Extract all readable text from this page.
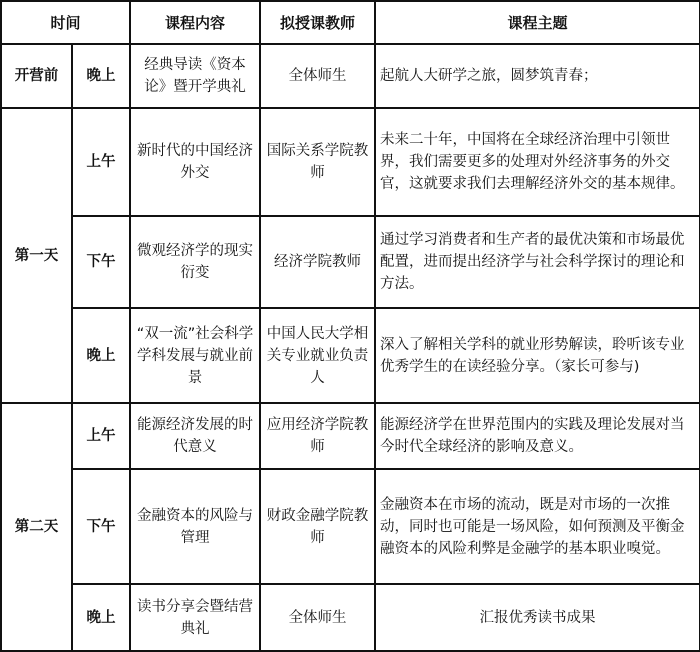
时间		课程内容	拟授课教师	课程主题
开营前	晚上	经典导读《资本论》暨开学典礼	全体师生	起航人大研学之旅，圆梦筑青春；
第一天	上午	新时代的中国经济外交	国际关系学院教师	未来二十年，中国将在全球经济治理中引领世界，我们需要更多的处理对外经济事务的外交官，这就要求我们去理解经济外交的基本规律。
	下午	微观经济学的现实衍变	经济学院教师	通过学习消费者和生产者的最优决策和市场最优配置，进而提出经济学与社会科学探讨的理论和方法。
	晚上	“双一流”社会科学学科发展与就业前景	中国人民大学相关专业就业负责人	深入了解相关学科的就业形势解读，聆听该专业优秀学生的在读经验分享。（家长可参与)
第二天	上午	能源经济发展的时代意义	应用经济学院教师	能源经济学在世界范围内的实践及理论发展对当今时代全球经济的影响及意义。
	下午	金融资本的风险与管理	财政金融学院教师	金融资本在市场的流动，既是对市场的一次推动，同时也可能是一场风险，如何预测及平衡金融资本的风险利弊是金融学的基本职业嗅觉。
	晚上	读书分享会暨结营典礼	全体师生	汇报优秀读书成果
